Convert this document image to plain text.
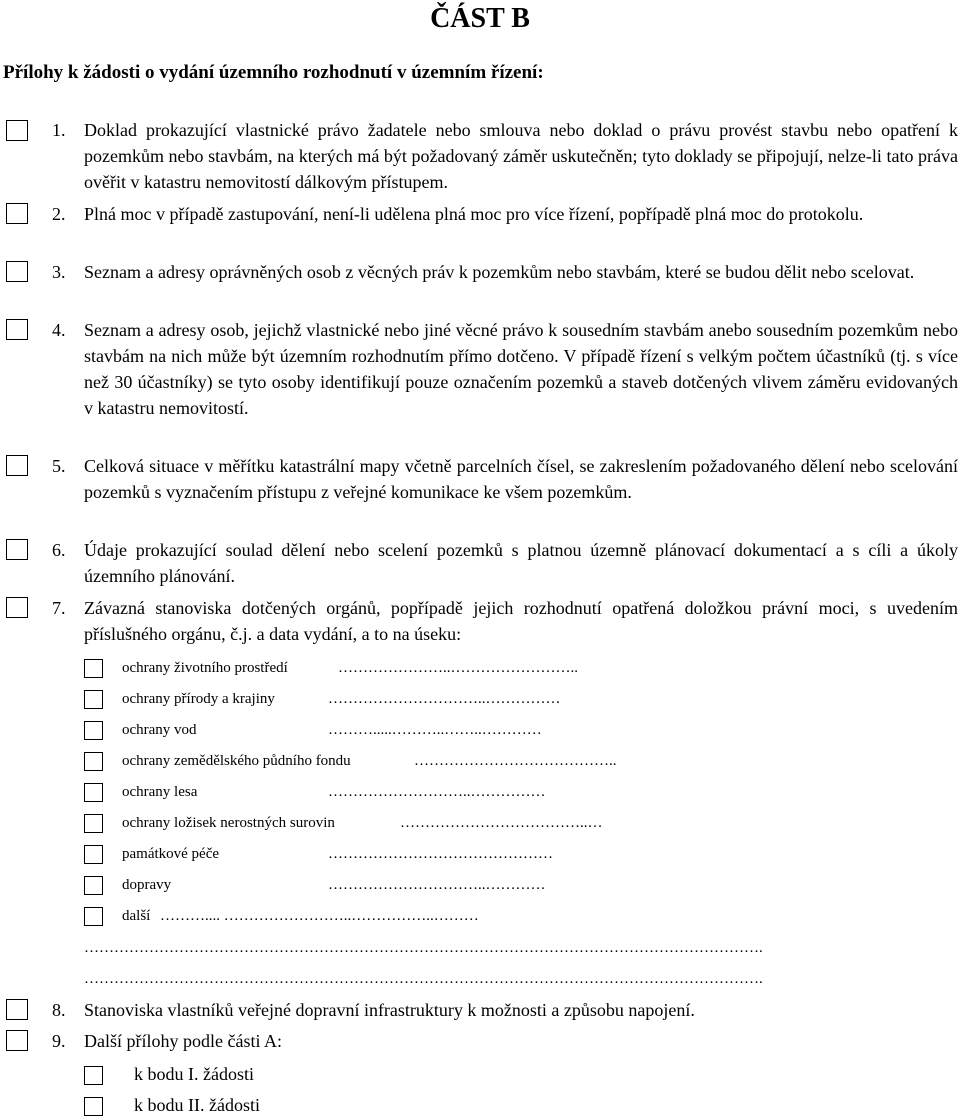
ČÁST B
Přílohy k žádosti o vydání územního rozhodnutí v územním řízení:
1. Doklad prokazující vlastnické právo žadatele nebo smlouva nebo doklad o právu provést stavbu nebo opatření k pozemkům nebo stavbám, na kterých má být požadovaný záměr uskutečněn; tyto doklady se připojují, nelze-li tato práva ověřit v katastru nemovitostí dálkovým přístupem.
2. Plná moc v případě zastupování, není-li udělena plná moc pro více řízení, popřípadě plná moc do protokolu.
3. Seznam a adresy oprávněných osob z věcných práv k pozemkům nebo stavbám, které se budou dělit nebo scelovat.
4. Seznam a adresy osob, jejichž vlastnické nebo jiné věcné právo k sousedním stavbám anebo sousedním pozemkům nebo stavbám na nich může být územním rozhodnutím přímo dotčeno. V případě řízení s velkým počtem účastníků (tj. s více než 30 účastníky) se tyto osoby identifikují pouze označením pozemků a staveb dotčených vlivem záměru evidovaných v katastru nemovitostí.
5. Celková situace v měřítku katastrální mapy včetně parcelních čísel, se zakreslením požadovaného dělení nebo scelování pozemků s vyznačením přístupu z veřejné komunikace ke všem pozemkům.
6. Údaje prokazující soulad dělení nebo scelení pozemků s platnou územně plánovací dokumentací a s cíli a úkoly územního plánování.
7. Závazná stanoviska dotčených orgánů, popřípadě jejich rozhodnutí opatřená doložkou právní moci, s uvedením příslušného orgánu, č.j. a data vydání, a to na úseku:
ochrany životního prostředí	…………………..……………………..
ochrany přírody a krajiny	…………………………..……………
ochrany vod	……….....………..……..…………
ochrany zemědělského půdního fondu	…………………………………..
ochrany lesa	………………………..……………
ochrany ložisek nerostných surovin	………………………………..…
památkové péče	………………………………………
dopravy	…………………………..…………
další ……….... ……………………..……………..………
……………………………………………………………………………………………………………………….
……………………………………………………………………………………………………………………….
8. Stanoviska vlastníků veřejné dopravní infrastruktury k možnosti a způsobu napojení.
9. Další přílohy podle části A:
k bodu I. žádosti
k bodu II. žádosti
